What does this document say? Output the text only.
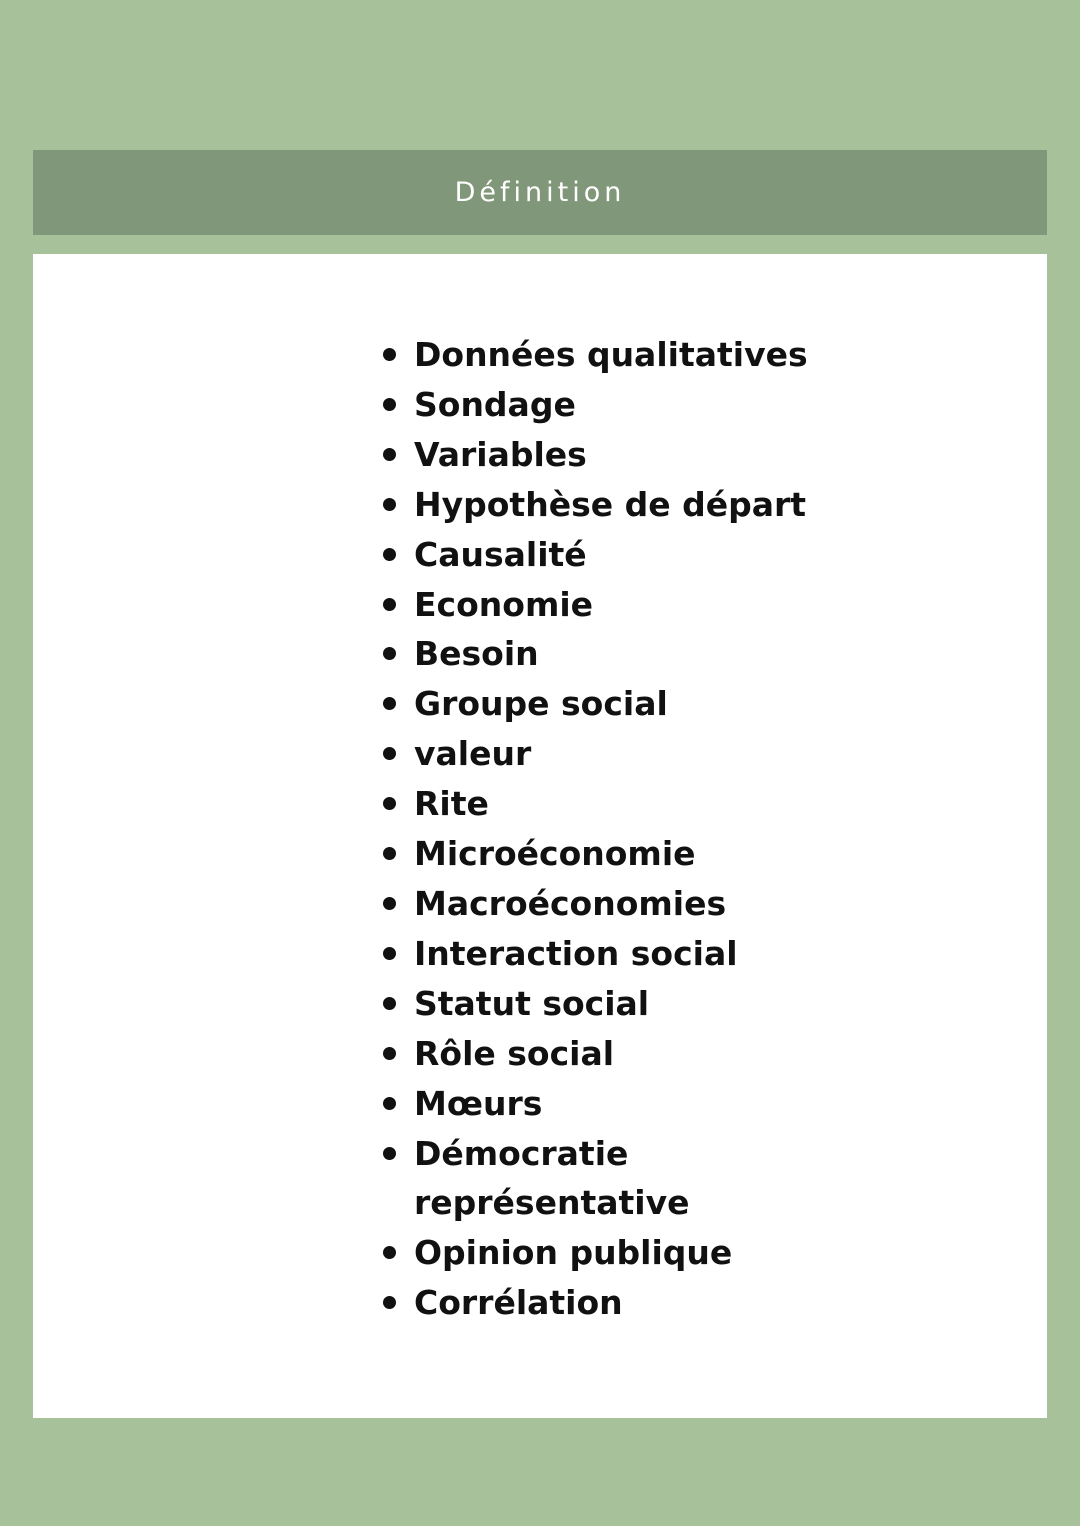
Définition
Données qualitatives
Sondage
Variables
Hypothèse de départ
Causalité
Economie
Besoin
Groupe social
valeur
Rite
Microéconomie
Macroéconomies
Interaction social
Statut social
Rôle social
Mœurs
Démocratie représentative
Opinion publique
Corrélation
